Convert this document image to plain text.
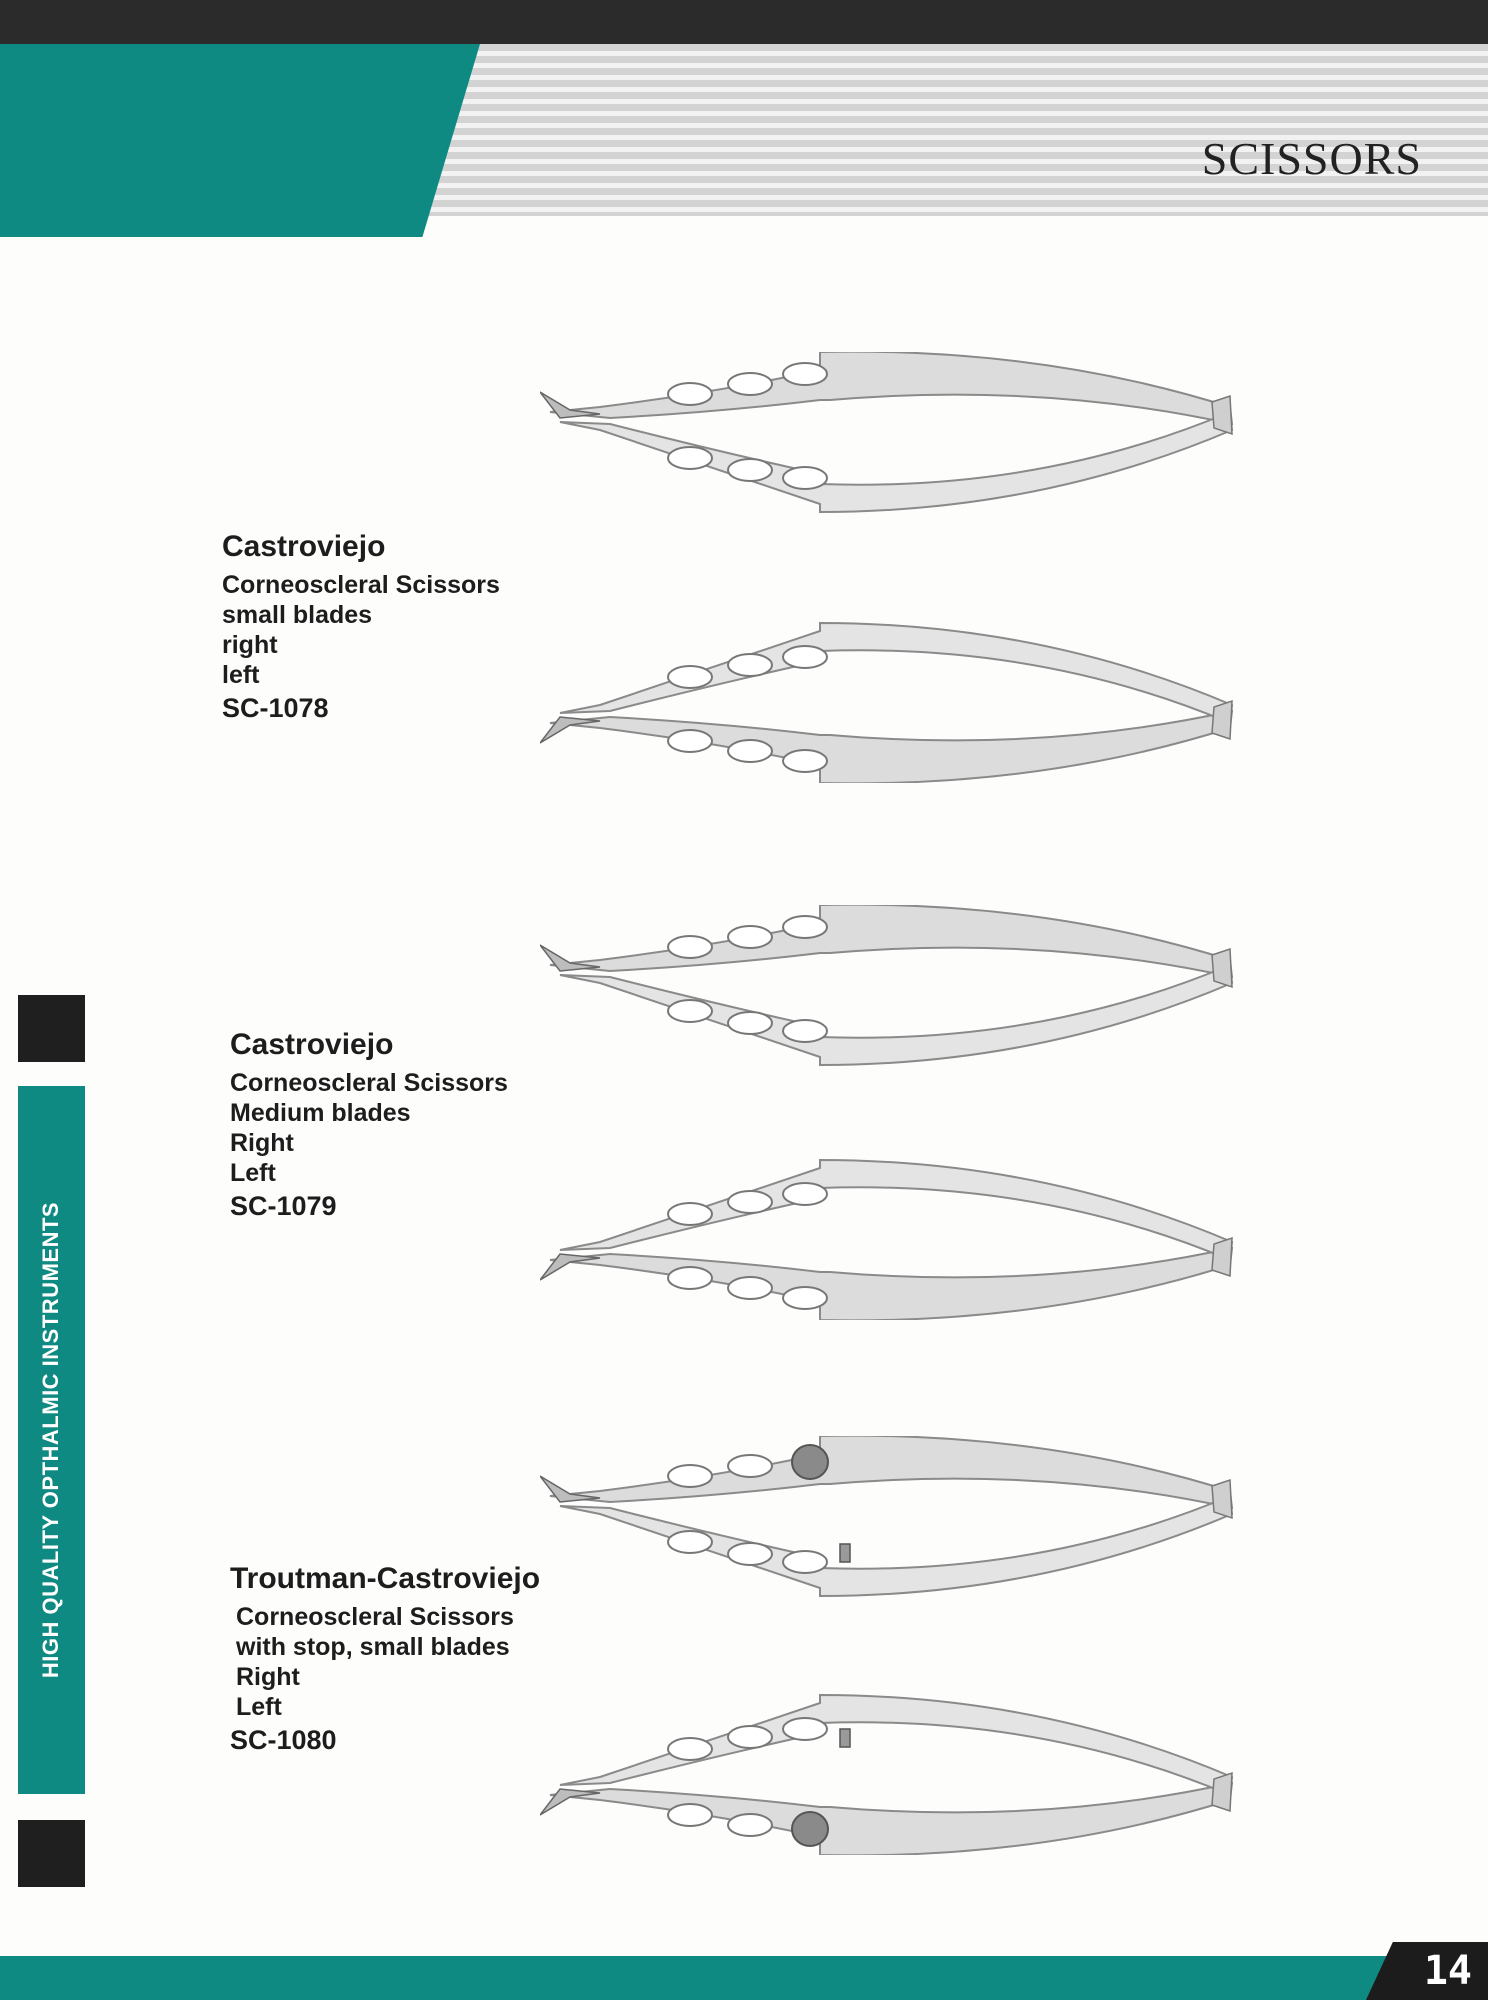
SCISSORS
HIGH QUALITY OPTHALMIC INSTRUMENTS
Castroviejo
Corneoscleral Scissors
small blades
right
left
SC-1078
Castroviejo
Corneoscleral Scissors
Medium blades
Right
Left
SC-1079
Troutman-Castroviejo
Corneoscleral Scissors
with stop, small blades
Right
Left
SC-1080
14
